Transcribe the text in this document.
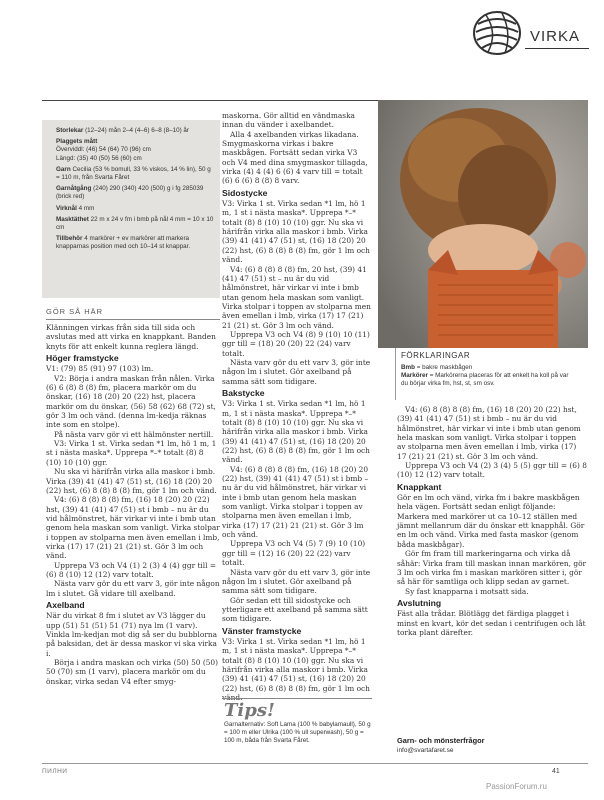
VIRKA

Storlekar (12–24) mån 2–4 (4–6) 6–8 (8–10) år

Plaggets mått
Överviddl: (46) 54 (64) 70 (96) cm
Längd: (35) 40 (50) 56 (60) cm

Garn Cecilia (53 % bomull, 33 % viskos, 14 % lin), 50 g = 110 m, från Svarta Fåret

Garnåtgång (240) 290 (340) 420 (500) g i fg 285039 (brick red)

Virknål 4 mm

Masktäthet 22 m x 24 v fm i bmb på nål 4 mm = 10 x 10 cm

Tillbehör 4 markörer + ev markörer att markera knapparnas position med och 10–14 st knappar.

GÖR SÅ HÄR

Klänningen virkas från sida till sida och avslutas med att virka en knappkant. Banden knyts för att enkelt kunna reglera längd.

Höger framstycke

V1: (79) 85 (91) 97 (103) lm.

V2: Börja i andra maskan från nålen. Virka (6) 6 (8) 8 (8) fm, placera markör om du önskar, (16) 18 (20) 20 (22) hst, placera markör om du önskar, (56) 58 (62) 68 (72) st, gör 3 lm och vänd. (denna lm-kedja räknas inte som en stolpe).

På nästa varv gör vi ett hälmönster nertill.

V3: Virka 1 st. Virka sedan *1 lm, hö 1 m, 1 st i nästa maska*. Upprepa *–* totalt (8) 8 (10) 10 (10) ggr.

Nu ska vi härifrån virka alla maskor i bmb. Virka (39) 41 (41) 47 (51) st, (16) 18 (20) 20 (22) hst, (6) 8 (8) 8 (8) fm, gör 1 lm och vänd.

V4: (6) 8 (8) 8 (8) fm, (16) 18 (20) 20 (22) hst, (39) 41 (41) 47 (51) st i bmb – nu är du vid hålmönstret, här virkar vi inte i bmb utan genom hela maskan som vanligt. Virka stolpar i toppen av stolparna men även emellan i lmb, virka (17) 17 (21) 21 (21) st. Gör 3 lm och vänd.

Upprepa V3 och V4 (1) 2 (3) 4 (4) ggr till = (6) 8 (10) 12 (12) varv totalt.

Nästa varv gör du ett varv 3, gör inte någon lm i slutet. Gå vidare till axelband.

Axelband

När du virkat 8 fm i slutet av V3 lägger du upp (51) 51 (51) 51 (71) nya lm (1 varv). Vinkla lm-kedjan mot dig så ser du bubblorna på baksidan, det är dessa maskor vi ska virka i.

Börja i andra maskan och virka (50) 50 (50) 50 (70) sm (1 varv), placera markör om du önskar, virka sedan V4 efter smyg-

maskorna. Gör alltid en vändmaska innan du vänder i axelbandet.

Alla 4 axelbanden virkas likadana. Smygmaskorna virkas i bakre maskbågen. Fortsätt sedan virka V3 och V4 med dina smygmaskor tillagda, virka (4) 4 (4) 6 (6) 4 varv till = totalt (6) 6 (6) 8 (8) 8 varv.

Sidostycke

V3: Virka 1 st. Virka sedan *1 lm, hö 1 m, 1 st i nästa maska*. Upprepa *–* totalt (8) 8 (10) 10 (10) ggr. Nu ska vi härifrån virka alla maskor i bmb. Virka (39) 41 (41) 47 (51) st, (16) 18 (20) 20 (22) hst, (6) 8 (8) 8 (8) fm, gör 1 lm och vänd.

V4: (6) 8 (8) 8 (8) fm, 20 hst, (39) 41 (41) 47 (51) st – nu är du vid hålmönstret, här virkar vi inte i bmb utan genom hela maskan som vanligt. Virka stolpar i toppen av stolparna men även emellan i lmb, virka (17) 17 (21) 21 (21) st. Gör 3 lm och vänd.

Upprepa V3 och V4 (8) 9 (10) 10 (11) ggr till = (18) 20 (20) 22 (24) varv totalt.

Nästa varv gör du ett varv 3, gör inte någon lm i slutet. Gör axelband på samma sätt som tidigare.

Bakstycke

V3: Virka 1 st. Virka sedan *1 lm, hö 1 m, 1 st i nästa maska*. Upprepa *–* totalt (8) 8 (10) 10 (10) ggr. Nu ska vi härifrån virka alla maskor i bmb. Virka (39) 41 (41) 47 (51) st, (16) 18 (20) 20 (22) hst, (6) 8 (8) 8 (8) fm, gör 1 lm och vänd.

V4: (6) 8 (8) 8 (8) fm, (16) 18 (20) 20 (22) hst, (39) 41 (41) 47 (51) st i bmb – nu är du vid hålmönstret, här virkar vi inte i bmb utan genom hela maskan som vanligt. Virka stolpar i toppen av stolparna men även emellan i lmb, virka (17) 17 (21) 21 (21) st. Gör 3 lm och vänd.

Upprepa V3 och V4 (5) 7 (9) 10 (10) ggr till = (12) 16 (20) 22 (22) varv totalt.

Nästa varv gör du ett varv 3, gör inte någon lm i slutet. Gör axelband på samma sätt som tidigare.

Gör sedan ett till sidostycke och ytterligare ett axelband på samma sätt som tidigare.

Vänster framstycke

V3: Virka 1 st. Virka sedan *1 lm, hö 1 m, 1 st i nästa maska*. Upprepa *–* totalt (8) 8 (10) 10 (10) ggr. Nu ska vi härifrån virka alla maskor i bmb. Virka (39) 41 (41) 47 (51) st, (16) 18 (20) 20 (22) hst, (6) 8 (8) 8 (8) fm, gör 1 lm och

Tips!
Garnalternativ: Soft Lama (100 % babylamaull), 50 g = 100 m eller Ulrika (100 % ull superwash), 50 g = 100 m, båda från Svarta Fåret.
FÖRKLARINGAR

Bmb = bakre maskbågen

Markörer = Markörerna placeras för att enkelt ha koll på var du börjar virka fm, hst, st, sm osv.

V4: (6) 8 (8) 8 (8) fm, (16) 18 (20) 20 (22) hst, (39) 41 (41) 47 (51) st i bmb – nu är du vid hålmönstret, här virkar vi inte i bmb utan genom hela maskan som vanligt. Virka stolpar i toppen av stolparna men även emellan i lmb, virka (17) 17 (21) 21 (21) st. Gör 3 lm och vänd.

Upprepa V3 och V4 (2) 3 (4) 5 (5) ggr till = (6) 8 (10) 12 (12) varv totalt.

Knappkant

Gör en lm och vänd, virka fm i bakre maskbågen hela vägen. Fortsätt sedan enligt följande: Markera med markörer ut ca 10–12 ställen med jämnt mellanrum där du önskar ett knapphål. Gör en lm och vänd. Virka med fasta maskor (genom båda maskbågar).

Gör fm fram till markeringarna och virka då såhär: Virka fram till maskan innan markören, gör 3 lm och virka fm i maskan markören sitter i, gör så här för samtliga och klipp sedan av garnet.

Sy fast knapparna i motsatt sida.

Avslutning

Fäst alla trådar. Blötlägg det färdiga plagget i minst en kvart, kör det sedan i centrifugen och låt torka plant därefter.

Garn- och mönsterfrågor
info@svartafaret.se
ПИЛНИ	41
PassionForum.ru
